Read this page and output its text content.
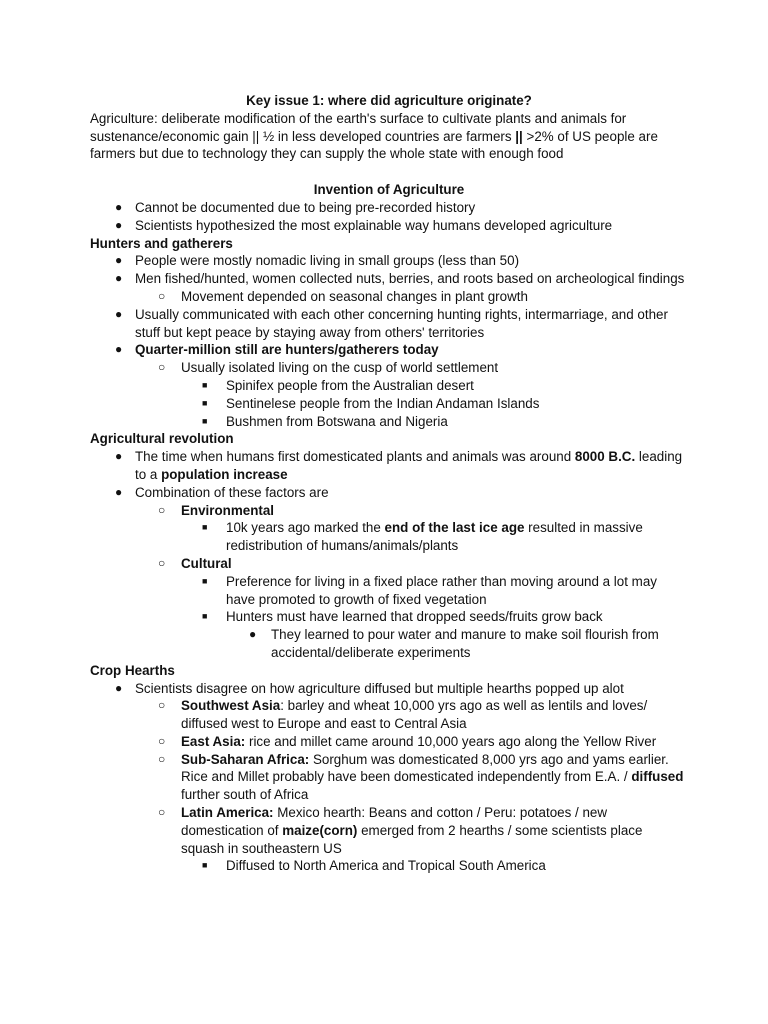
Key issue 1: where did agriculture originate?

Agriculture: deliberate modification of the earth's surface to cultivate plants and animals for sustenance/economic gain || ½ in less developed countries are farmers || >2% of US people are farmers but due to technology they can supply the whole state with enough food

Invention of Agriculture

● Cannot be documented due to being pre-recorded history

● Scientists hypothesized the most explainable way humans developed agriculture

Hunters and gatherers

● People were mostly nomadic living in small groups (less than 50)

● Men fished/hunted, women collected nuts, berries, and roots based on archeological findings

○ Movement depended on seasonal changes in plant growth

● Usually communicated with each other concerning hunting rights, intermarriage, and other stuff but kept peace by staying away from others' territories

● Quarter-million still are hunters/gatherers today

○ Usually isolated living on the cusp of world settlement

■ Spinifex people from the Australian desert

■ Sentinelese people from the Indian Andaman Islands

■ Bushmen from Botswana and Nigeria

Agricultural revolution

● The time when humans first domesticated plants and animals was around 8000 B.C. leading to a population increase

● Combination of these factors are

○ Environmental

■ 10k years ago marked the end of the last ice age resulted in massive redistribution of humans/animals/plants

○ Cultural

■ Preference for living in a fixed place rather than moving around a lot may have promoted to growth of fixed vegetation

■ Hunters must have learned that dropped seeds/fruits grow back

● They learned to pour water and manure to make soil flourish from accidental/deliberate experiments

Crop Hearths

● Scientists disagree on how agriculture diffused but multiple hearths popped up alot

○ Southwest Asia: barley and wheat 10,000 yrs ago as well as lentils and loves/ diffused west to Europe and east to Central Asia

○ East Asia: rice and millet came around 10,000 years ago along the Yellow River

○ Sub-Saharan Africa: Sorghum was domesticated 8,000 yrs ago and yams earlier. Rice and Millet probably have been domesticated independently from E.A. / diffused further south of Africa

○ Latin America: Mexico hearth: Beans and cotton / Peru: potatoes / new domestication of maize(corn) emerged from 2 hearths / some scientists place squash in southeastern US

■ Diffused to North America and Tropical South America
